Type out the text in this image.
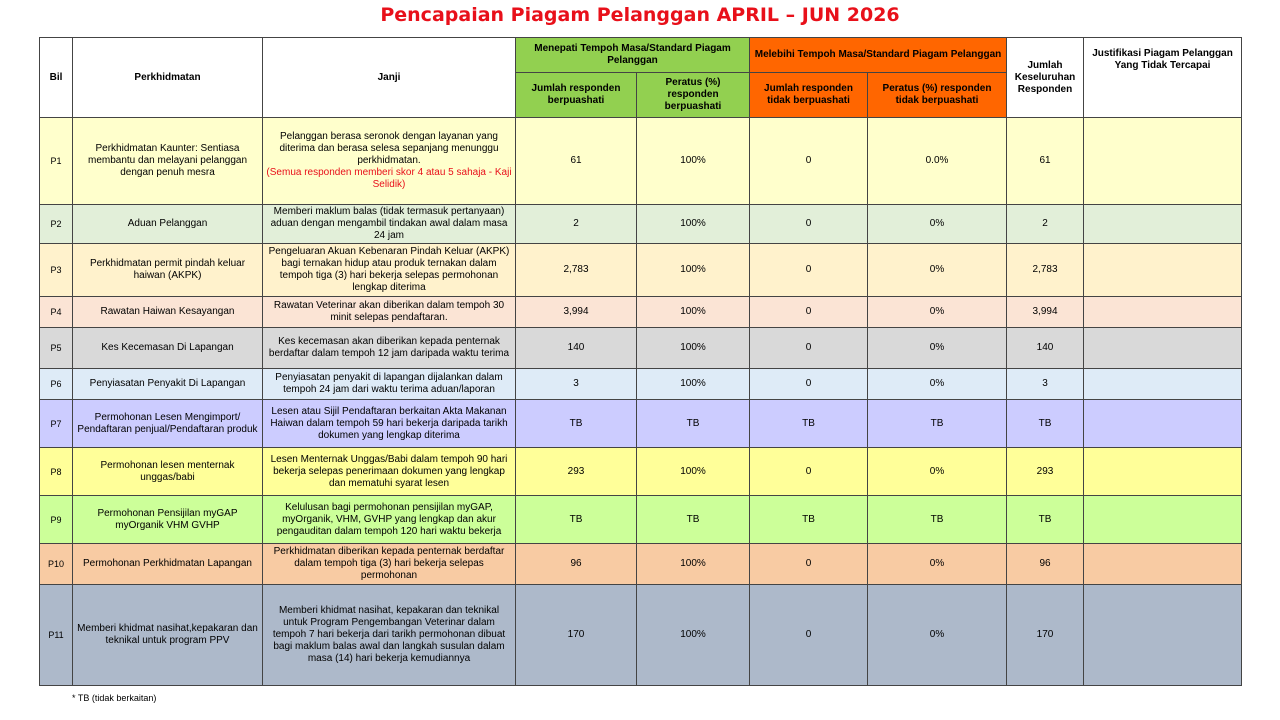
Pencapaian Piagam Pelanggan APRIL – JUN 2026
Bil	Perkhidmatan	Janji	Menepati Tempoh Masa/Standard Piagam Pelanggan		Melebihi Tempoh Masa/Standard Piagam Pelanggan		Jumlah Keseluruhan Responden	Justifikasi Piagam Pelanggan Yang Tidak Tercapai
			Jumlah responden berpuashati	Peratus (%) responden berpuashati	Jumlah responden tidak berpuashati	Peratus (%) responden tidak berpuashati		
P1	Perkhidmatan Kaunter: Sentiasa membantu dan melayani pelanggan dengan penuh mesra	Pelanggan berasa seronok dengan layanan yang diterima dan berasa selesa sepanjang menunggu perkhidmatan.
(Semua responden memberi skor 4 atau 5 sahaja - Kaji Selidik)	61	100%	0	0.0%	61	
P2	Aduan Pelanggan	Memberi maklum balas (tidak termasuk pertanyaan) aduan dengan mengambil tindakan awal dalam masa 24 jam	2	100%	0	0%	2	
P3	Perkhidmatan permit pindah keluar haiwan (AKPK)	Pengeluaran Akuan Kebenaran Pindah Keluar (AKPK) bagi ternakan hidup atau produk ternakan dalam tempoh tiga (3) hari bekerja selepas permohonan lengkap diterima	2,783	100%	0	0%	2,783	
P4	Rawatan Haiwan Kesayangan	Rawatan Veterinar akan diberikan dalam tempoh 30 minit selepas pendaftaran.	3,994	100%	0	0%	3,994	
P5	Kes Kecemasan Di Lapangan	Kes kecemasan akan diberikan kepada penternak berdaftar dalam tempoh 12 jam daripada waktu terima	140	100%	0	0%	140	
P6	Penyiasatan Penyakit Di Lapangan	Penyiasatan penyakit di lapangan dijalankan dalam tempoh 24 jam dari waktu terima aduan/laporan	3	100%	0	0%	3	
P7	Permohonan Lesen Mengimport/ Pendaftaran penjual/Pendaftaran produk	Lesen atau Sijil Pendaftaran berkaitan Akta Makanan Haiwan dalam tempoh 59 hari bekerja daripada tarikh dokumen yang lengkap diterima	TB	TB	TB	TB	TB	
P8	Permohonan lesen menternak unggas/babi	Lesen Menternak Unggas/Babi dalam tempoh 90 hari bekerja selepas penerimaan dokumen yang lengkap dan mematuhi syarat lesen	293	100%	0	0%	293	
P9	Permohonan Pensijilan myGAP myOrganik VHM GVHP	Kelulusan bagi permohonan pensijilan myGAP, myOrganik, VHM, GVHP yang lengkap dan akur pengauditan dalam tempoh 120 hari waktu bekerja	TB	TB	TB	TB	TB	
P10	Permohonan Perkhidmatan Lapangan	Perkhidmatan diberikan kepada penternak berdaftar dalam tempoh tiga (3) hari bekerja selepas permohonan	96	100%	0	0%	96	
P11	Memberi khidmat nasihat,kepakaran dan teknikal untuk program PPV	Memberi khidmat nasihat, kepakaran dan teknikal untuk Program Pengembangan Veterinar dalam tempoh 7 hari bekerja dari tarikh permohonan dibuat bagi maklum balas awal dan langkah susulan dalam masa (14) hari bekerja kemudiannya	170	100%	0	0%	170	
* TB (tidak berkaitan)
